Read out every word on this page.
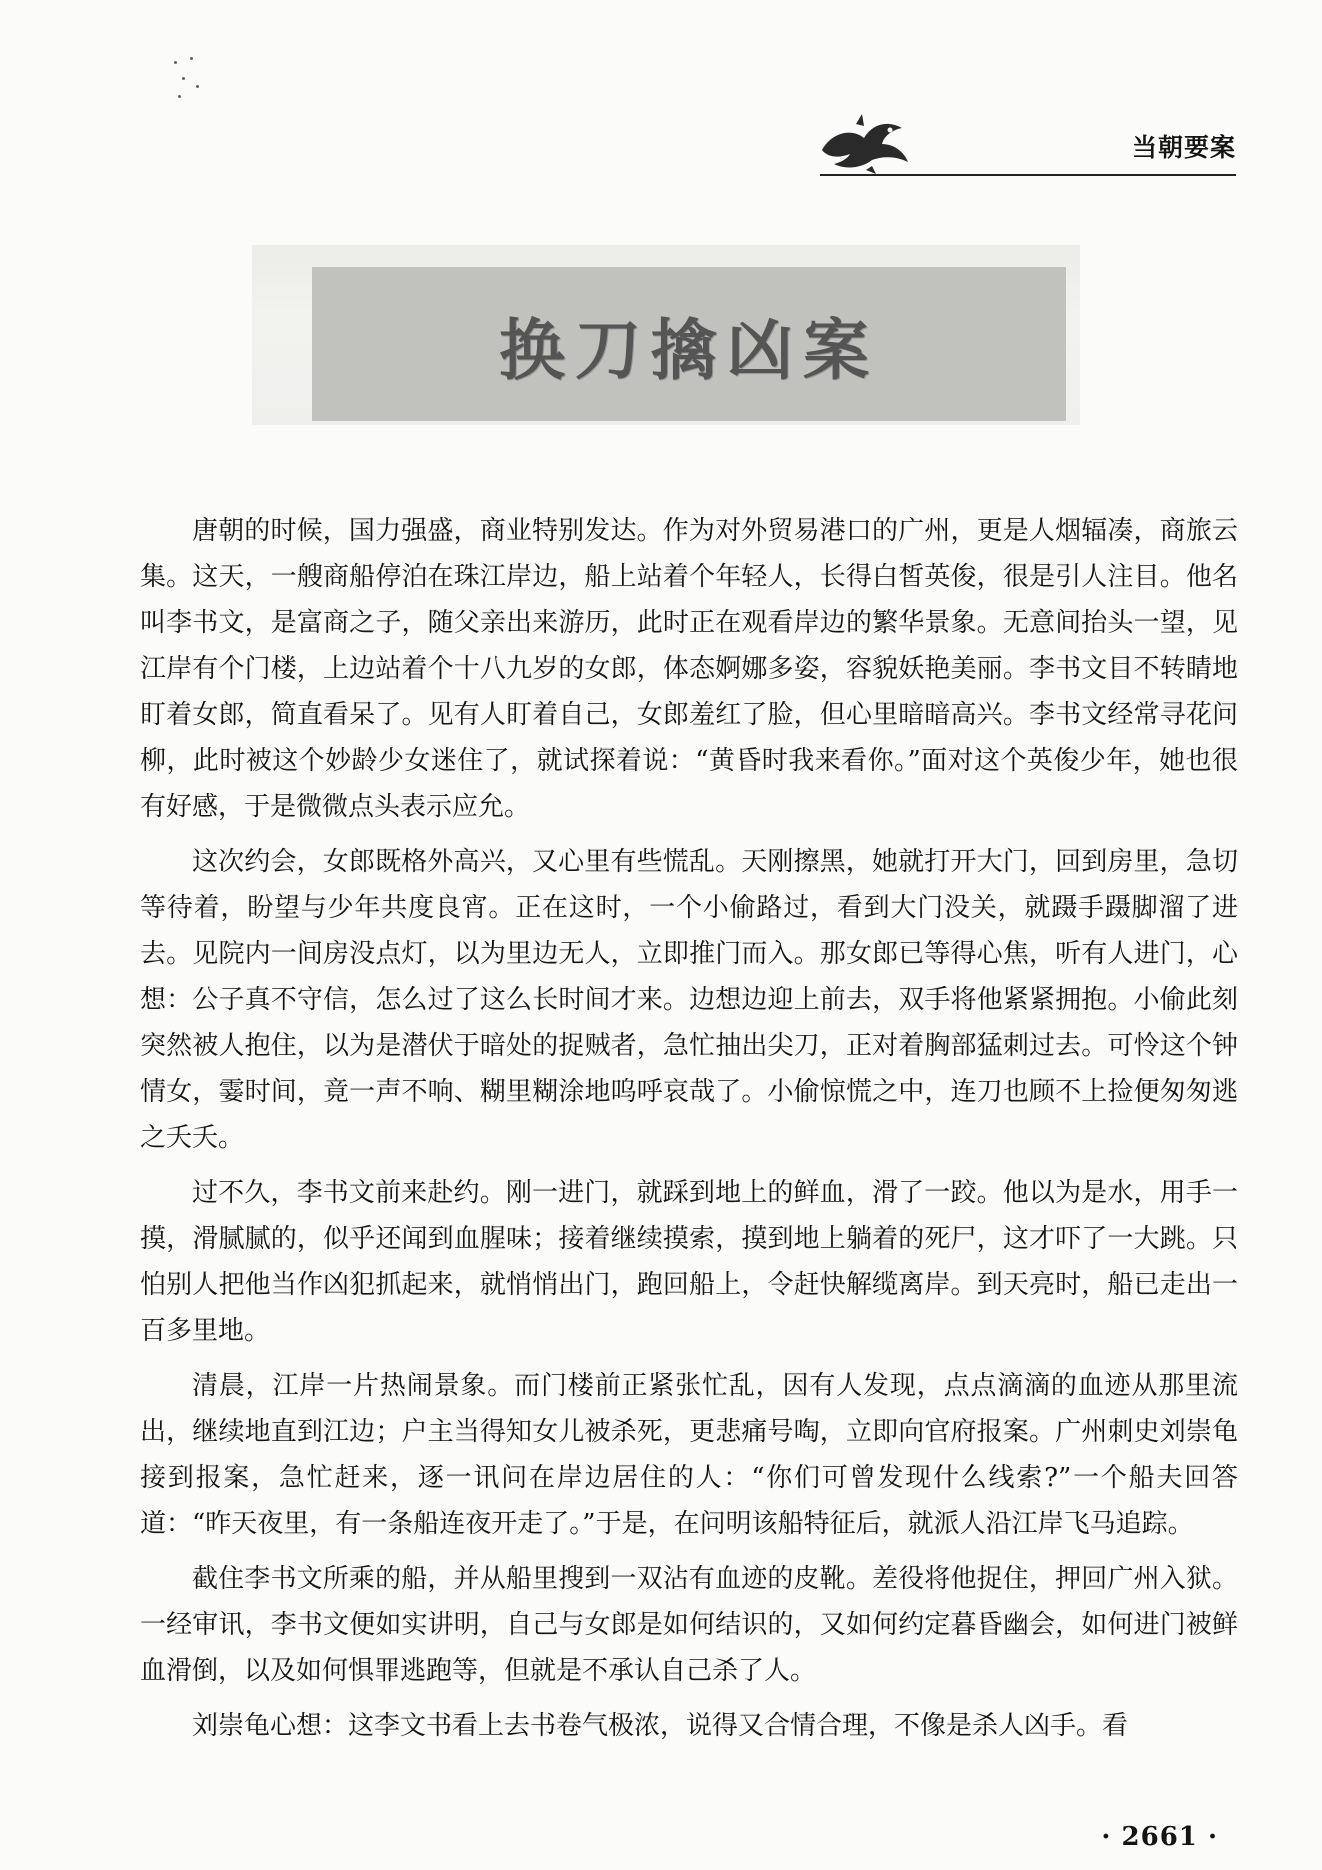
当朝要案
换刀擒凶案

唐朝的时候，国力强盛，商业特别发达。作为对外贸易港口的广州，更是人烟辐凑，商旅云集。这天，一艘商船停泊在珠江岸边，船上站着个年轻人，长得白皙英俊，很是引人注目。他名叫李书文，是富商之子，随父亲出来游历，此时正在观看岸边的繁华景象。无意间抬头一望，见江岸有个门楼，上边站着个十八九岁的女郎，体态婀娜多姿，容貌妖艳美丽。李书文目不转睛地盯着女郎，简直看呆了。见有人盯着自己，女郎羞红了脸，但心里暗暗高兴。李书文经常寻花问柳，此时被这个妙龄少女迷住了，就试探着说：“黄昏时我来看你。”面对这个英俊少年，她也很有好感，于是微微点头表示应允。

这次约会，女郎既格外高兴，又心里有些慌乱。天刚擦黑，她就打开大门，回到房里，急切等待着，盼望与少年共度良宵。正在这时，一个小偷路过，看到大门没关，就蹑手蹑脚溜了进去。见院内一间房没点灯，以为里边无人，立即推门而入。那女郎已等得心焦，听有人进门，心想：公子真不守信，怎么过了这么长时间才来。边想边迎上前去，双手将他紧紧拥抱。小偷此刻突然被人抱住，以为是潜伏于暗处的捉贼者，急忙抽出尖刀，正对着胸部猛刺过去。可怜这个钟情女，霎时间，竟一声不响、糊里糊涂地呜呼哀哉了。小偷惊慌之中，连刀也顾不上捡便匆匆逃之夭夭。

过不久，李书文前来赴约。刚一进门，就踩到地上的鲜血，滑了一跤。他以为是水，用手一摸，滑腻腻的，似乎还闻到血腥味；接着继续摸索，摸到地上躺着的死尸，这才吓了一大跳。只怕别人把他当作凶犯抓起来，就悄悄出门，跑回船上，令赶快解缆离岸。到天亮时，船已走出一百多里地。

清晨，江岸一片热闹景象。而门楼前正紧张忙乱，因有人发现，点点滴滴的血迹从那里流出，继续地直到江边；户主当得知女儿被杀死，更悲痛号啕，立即向官府报案。广州刺史刘崇龟接到报案，急忙赶来，逐一讯问在岸边居住的人：“你们可曾发现什么线索?”一个船夫回答道：“昨天夜里，有一条船连夜开走了。”于是，在问明该船特征后，就派人沿江岸飞马追踪。

截住李书文所乘的船，并从船里搜到一双沾有血迹的皮靴。差役将他捉住，押回广州入狱。一经审讯，李书文便如实讲明，自己与女郎是如何结识的，又如何约定暮昏幽会，如何进门被鲜血滑倒，以及如何惧罪逃跑等，但就是不承认自己杀了人。

刘崇龟心想：这李文书看上去书卷气极浓，说得又合情合理，不像是杀人凶手。看

· 2661 ·
